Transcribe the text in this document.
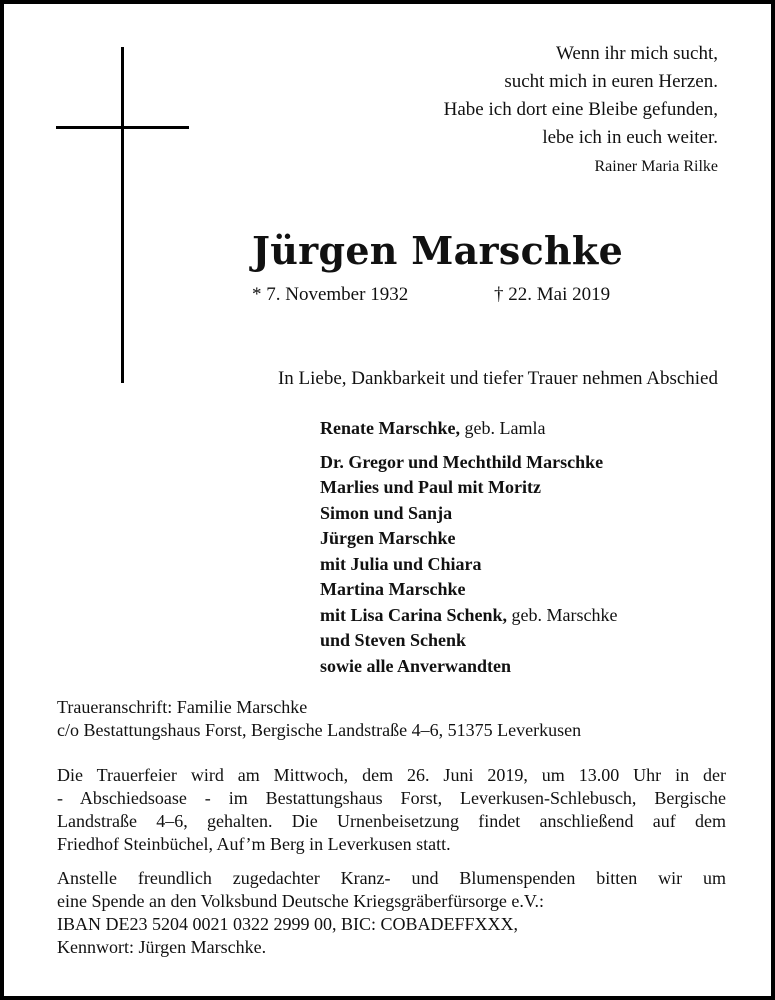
Wenn ihr mich sucht,
sucht mich in euren Herzen.
Habe ich dort eine Bleibe gefunden,
lebe ich in euch weiter.
Rainer Maria Rilke
Jürgen Marschke
* 7. November 1932	† 22. Mai 2019
In Liebe, Dankbarkeit und tiefer Trauer nehmen Abschied
Renate Marschke, geb. Lamla
Dr. Gregor und Mechthild Marschke
Marlies und Paul mit Moritz
Simon und Sanja
Jürgen Marschke
mit Julia und Chiara
Martina Marschke
mit Lisa Carina Schenk, geb. Marschke
und Steven Schenk
sowie alle Anverwandten
Traueranschrift: Familie Marschke
c/o Bestattungshaus Forst, Bergische Landstraße 4–6, 51375 Leverkusen
Die Trauerfeier wird am Mittwoch, dem 26. Juni 2019, um 13.00 Uhr in der
- Abschiedsoase - im Bestattungshaus Forst, Leverkusen-Schlebusch, Bergische
Landstraße 4–6, gehalten. Die Urnenbeisetzung findet anschließend auf dem
Friedhof Steinbüchel, Auf’m Berg in Leverkusen statt.
Anstelle freundlich zugedachter Kranz- und Blumenspenden bitten wir um
eine Spende an den Volksbund Deutsche Kriegsgräberfürsorge e.V.:
IBAN DE23 5204 0021 0322 2999 00, BIC: COBADEFFXXX,
Kennwort: Jürgen Marschke.
